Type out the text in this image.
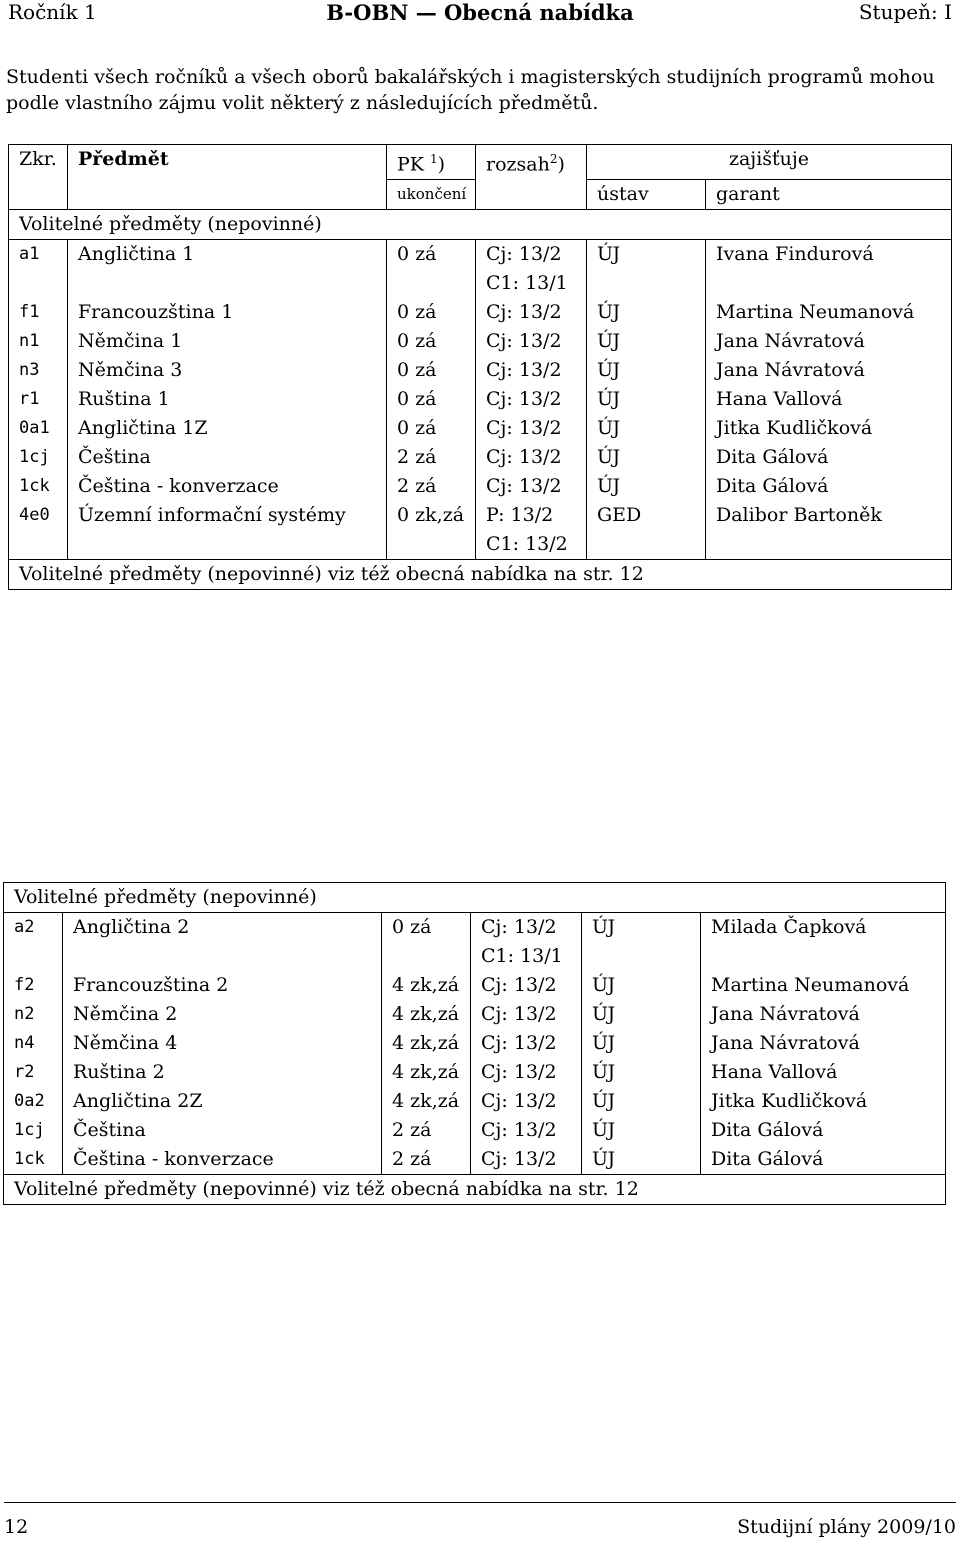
Ročník 1	B-OBN — Obecná nabídka	Stupeň: I
Studenti všech ročníků a všech oborů bakalářských i magisterských studijních programů mohou podle vlastního zájmu volit některý z následujících předmětů.
Zkr.	Předmět	PK $^1$)	rozsah$^2$)	zajišťuje	
		ukončení		ústav	garant
Volitelné předměty (nepovinné)					
a1	Angličtina 1	0 zá	Cj: 13/2	ÚJ	Ivana Findurová
			C1: 13/1		
f1	Francouzština 1	0 zá	Cj: 13/2	ÚJ	Martina Neumanová
n1	Němčina 1	0 zá	Cj: 13/2	ÚJ	Jana Návratová
n3	Němčina 3	0 zá	Cj: 13/2	ÚJ	Jana Návratová
r1	Ruština 1	0 zá	Cj: 13/2	ÚJ	Hana Vallová
0a1	Angličtina 1Z	0 zá	Cj: 13/2	ÚJ	Jitka Kudličková
1cj	Čeština	2 zá	Cj: 13/2	ÚJ	Dita Gálová
1ck	Čeština - konverzace	2 zá	Cj: 13/2	ÚJ	Dita Gálová
4e0	Územní informační systémy	0 zk,zá	P: 13/2	GED	Dalibor Bartoněk
			C1: 13/2		
Volitelné předměty (nepovinné) viz též obecná nabídka na str. 12					
Volitelné předměty (nepovinné)					
a2	Angličtina 2	0 zá	Cj: 13/2	ÚJ	Milada Čapková
			C1: 13/1		
f2	Francouzština 2	4 zk,zá	Cj: 13/2	ÚJ	Martina Neumanová
n2	Němčina 2	4 zk,zá	Cj: 13/2	ÚJ	Jana Návratová
n4	Němčina 4	4 zk,zá	Cj: 13/2	ÚJ	Jana Návratová
r2	Ruština 2	4 zk,zá	Cj: 13/2	ÚJ	Hana Vallová
0a2	Angličtina 2Z	4 zk,zá	Cj: 13/2	ÚJ	Jitka Kudličková
1cj	Čeština	2 zá	Cj: 13/2	ÚJ	Dita Gálová
1ck	Čeština - konverzace	2 zá	Cj: 13/2	ÚJ	Dita Gálová
Volitelné předměty (nepovinné) viz též obecná nabídka na str. 12					
12	Studijní plány 2009/10
